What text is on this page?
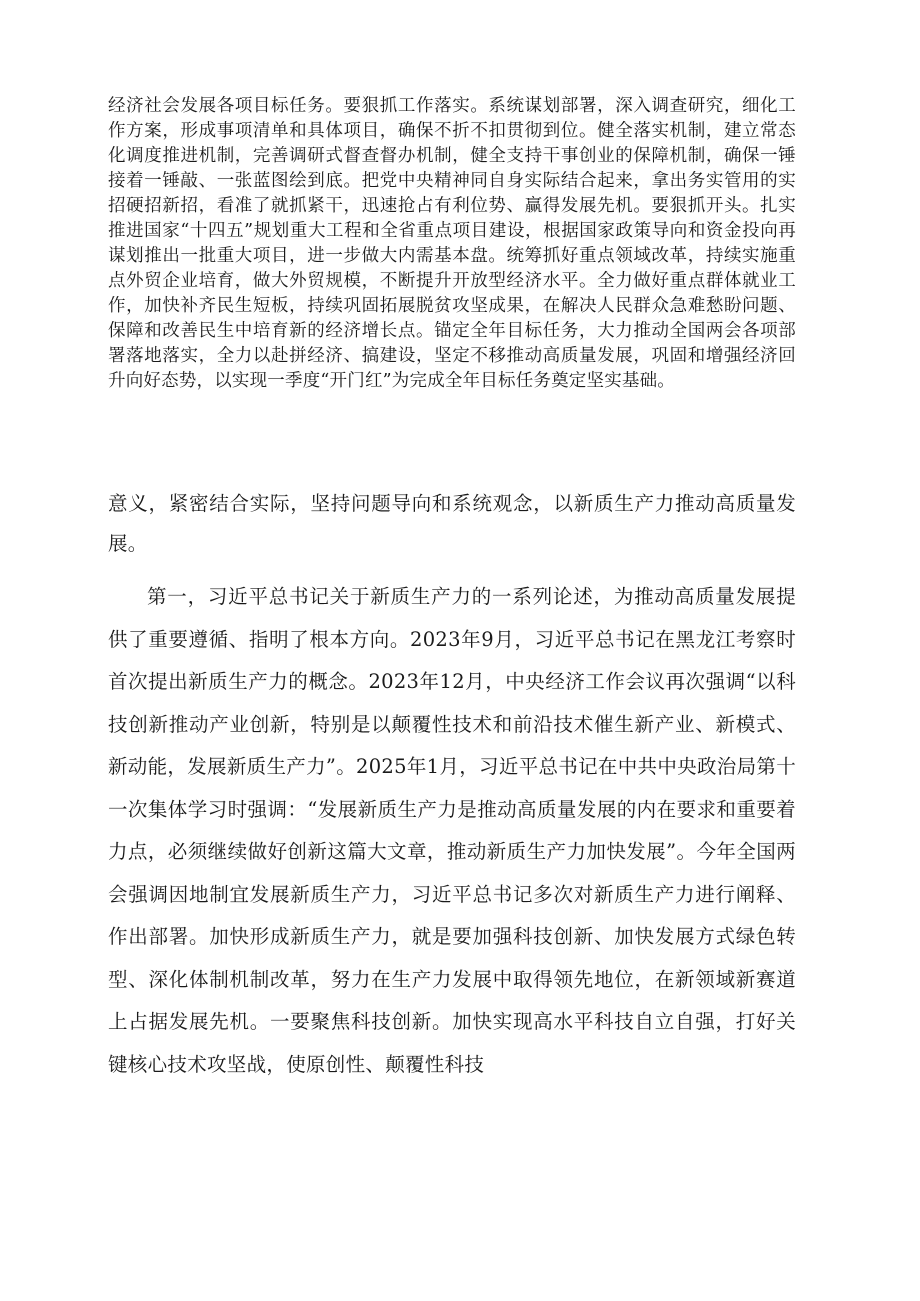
经济社会发展各项目标任务。要狠抓工作落实。系统谋划部署，深入调查研究，细化工作方案，形成事项清单和具体项目，确保不折不扣贯彻到位。健全落实机制，建立常态化调度推进机制，完善调研式督查督办机制，健全支持干事创业的保障机制，确保一锤接着一锤敲、一张蓝图绘到底。把党中央精神同自身实际结合起来，拿出务实管用的实招硬招新招，看准了就抓紧干，迅速抢占有利位势、赢得发展先机。要狠抓开头。扎实推进国家“十四五”规划重大工程和全省重点项目建设，根据国家政策导向和资金投向再谋划推出一批重大项目，进一步做大内需基本盘。统筹抓好重点领域改革，持续实施重点外贸企业培育，做大外贸规模，不断提升开放型经济水平。全力做好重点群体就业工作，加快补齐民生短板，持续巩固拓展脱贫攻坚成果，在解决人民群众急难愁盼问题、保障和改善民生中培育新的经济增长点。锚定全年目标任务，大力推动全国两会各项部署落地落实，全力以赴拼经济、搞建设，坚定不移推动高质量发展，巩固和增强经济回升向好态势，以实现一季度“开门红”为完成全年目标任务奠定坚实基础。

意义，紧密结合实际，坚持问题导向和系统观念，以新质生产力推动高质量发展。

第一，习近平总书记关于新质生产力的一系列论述，为推动高质量发展提供了重要遵循、指明了根本方向。2023年9月，习近平总书记在黑龙江考察时首次提出新质生产力的概念。2023年12月，中央经济工作会议再次强调“以科技创新推动产业创新，特别是以颠覆性技术和前沿技术催生新产业、新模式、新动能，发展新质生产力”。2025年1月，习近平总书记在中共中央政治局第十一次集体学习时强调：“发展新质生产力是推动高质量发展的内在要求和重要着力点，必须继续做好创新这篇大文章，推动新质生产力加快发展”。今年全国两会强调因地制宜发展新质生产力，习近平总书记多次对新质生产力进行阐释、作出部署。加快形成新质生产力，就是要加强科技创新、加快发展方式绿色转型、深化体制机制改革，努力在生产力发展中取得领先地位，在新领域新赛道上占据发展先机。一要聚焦科技创新。加快实现高水平科技自立自强，打好关键核心技术攻坚战，使原创性、颠覆性科技
